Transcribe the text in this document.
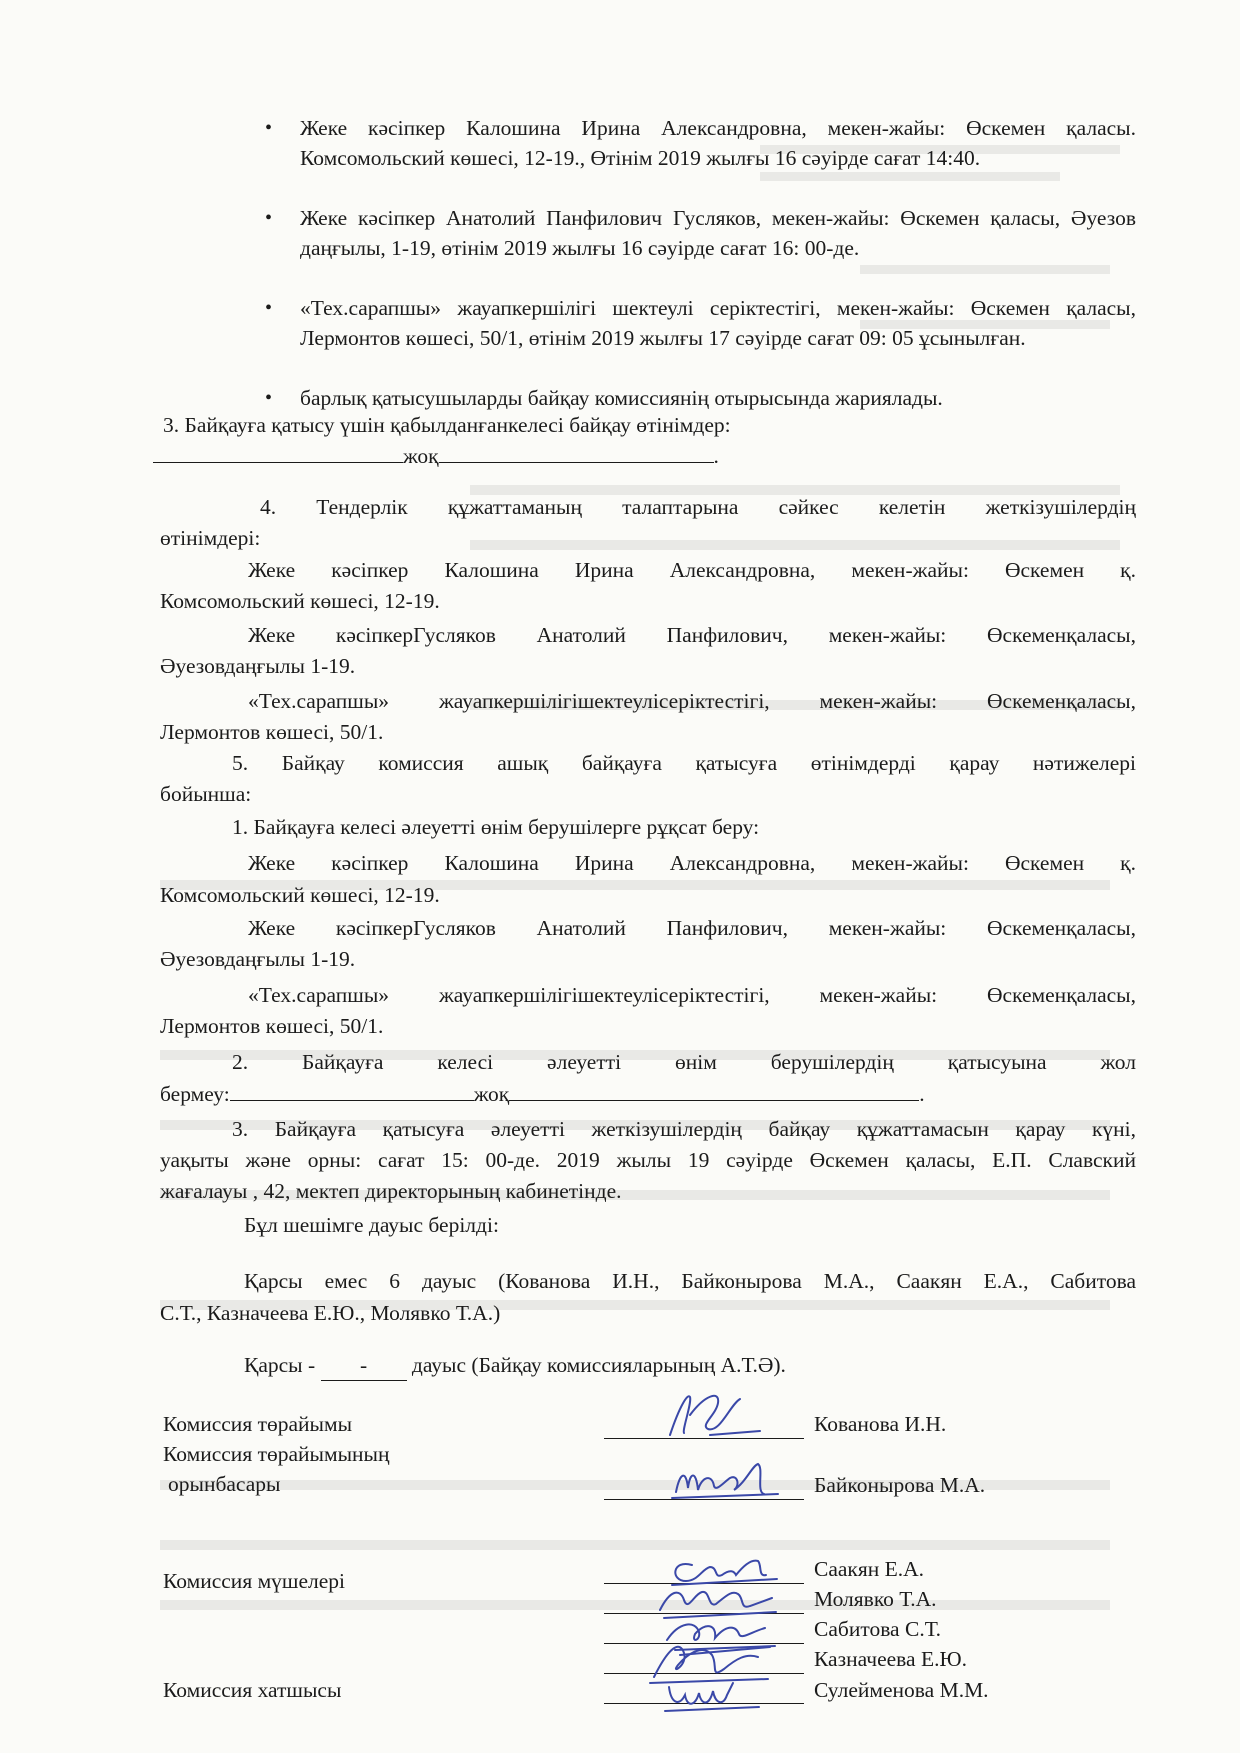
• Жеке кәсіпкер Калошина Ирина Александровна, мекен-жайы: Өскемен қаласы. Комсомольский көшесі, 12-19., Өтінім 2019 жылғы 16 сәуірде сағат 14:40.
• Жеке кәсіпкер Анатолий Панфилович Гусляков, мекен-жайы: Өскемен қаласы, Әуезов даңғылы, 1-19, өтінім 2019 жылғы 16 сәуірде сағат 16: 00-де.
• «Тех.сарапшы» жауапкершілігі шектеулі серіктестігі, мекен-жайы: Өскемен қаласы, Лермонтов көшесі, 50/1, өтінім 2019 жылғы 17 сәуірде сағат 09: 05 ұсынылған.
• барлық қатысушыларды байқау комиссиянің отырысында жариялады.

3. Байқауға қатысу үшін қабылданғанкелесі байқау өтінімдер:

жоқ	.

4. Тендерлік құжаттаманың талаптарына сәйкес келетін жеткізушілердің

өтінімдері:

Жеке кәсіпкер Калошина Ирина Александровна, мекен-жайы: Өскемен қ.

Комсомольский көшесі, 12-19.

Жеке кәсіпкерГусляков Анатолий Панфилович, мекен-жайы: Өскеменқаласы,

Әуезовдаңғылы 1-19.

«Тех.сарапшы» жауапкершілігішектеулісеріктестігі, мекен-жайы: Өскеменқаласы,

Лермонтов көшесі, 50/1.

5. Байқау комиссия ашық байқауға қатысуға өтінімдерді қарау нәтижелері

бойынша:

1. Байқауға келесі әлеуетті өнім берушілерге рұқсат беру:

Жеке кәсіпкер Калошина Ирина Александровна, мекен-жайы: Өскемен қ.

Комсомольский көшесі, 12-19.

Жеке кәсіпкерГусляков Анатолий Панфилович, мекен-жайы: Өскеменқаласы,

Әуезовдаңғылы 1-19.

«Тех.сарапшы» жауапкершілігішектеулісеріктестігі, мекен-жайы: Өскеменқаласы,

Лермонтов көшесі, 50/1.

2. Байқауға келесі әлеуетті өнім берушілердің қатысуына жол

бермеу:	жоқ	.

3. Байқауға қатысуға әлеуетті жеткізушілердің байқау құжаттамасын қарау күні,

уақыты және орны: сағат 15: 00-де. 2019 жылы 19 сәуірде Өскемен қаласы, Е.П. Славский

жағалауы , 42, мектеп директорының кабинетінде.

Бұл шешімге дауыс берілді:

Қарсы емес 6 дауыс (Кованова И.Н., Байконырова М.А., Саакян Е.А., Сабитова

С.Т., Казначеева Е.Ю., Молявко Т.А.)

Қарсы - - дауыс (Байқау комиссияларының А.Т.Ә).
Комиссия төрайымы	Кованова И.Н.
Комиссия төрайымының
орынбасары	Байконырова М.А.
Комиссия мүшелері	Саакян Е.А.
Молявко Т.А.
Сабитова С.Т.
Казначеева Е.Ю.
Комиссия хатшысы	Сулейменова М.М.
